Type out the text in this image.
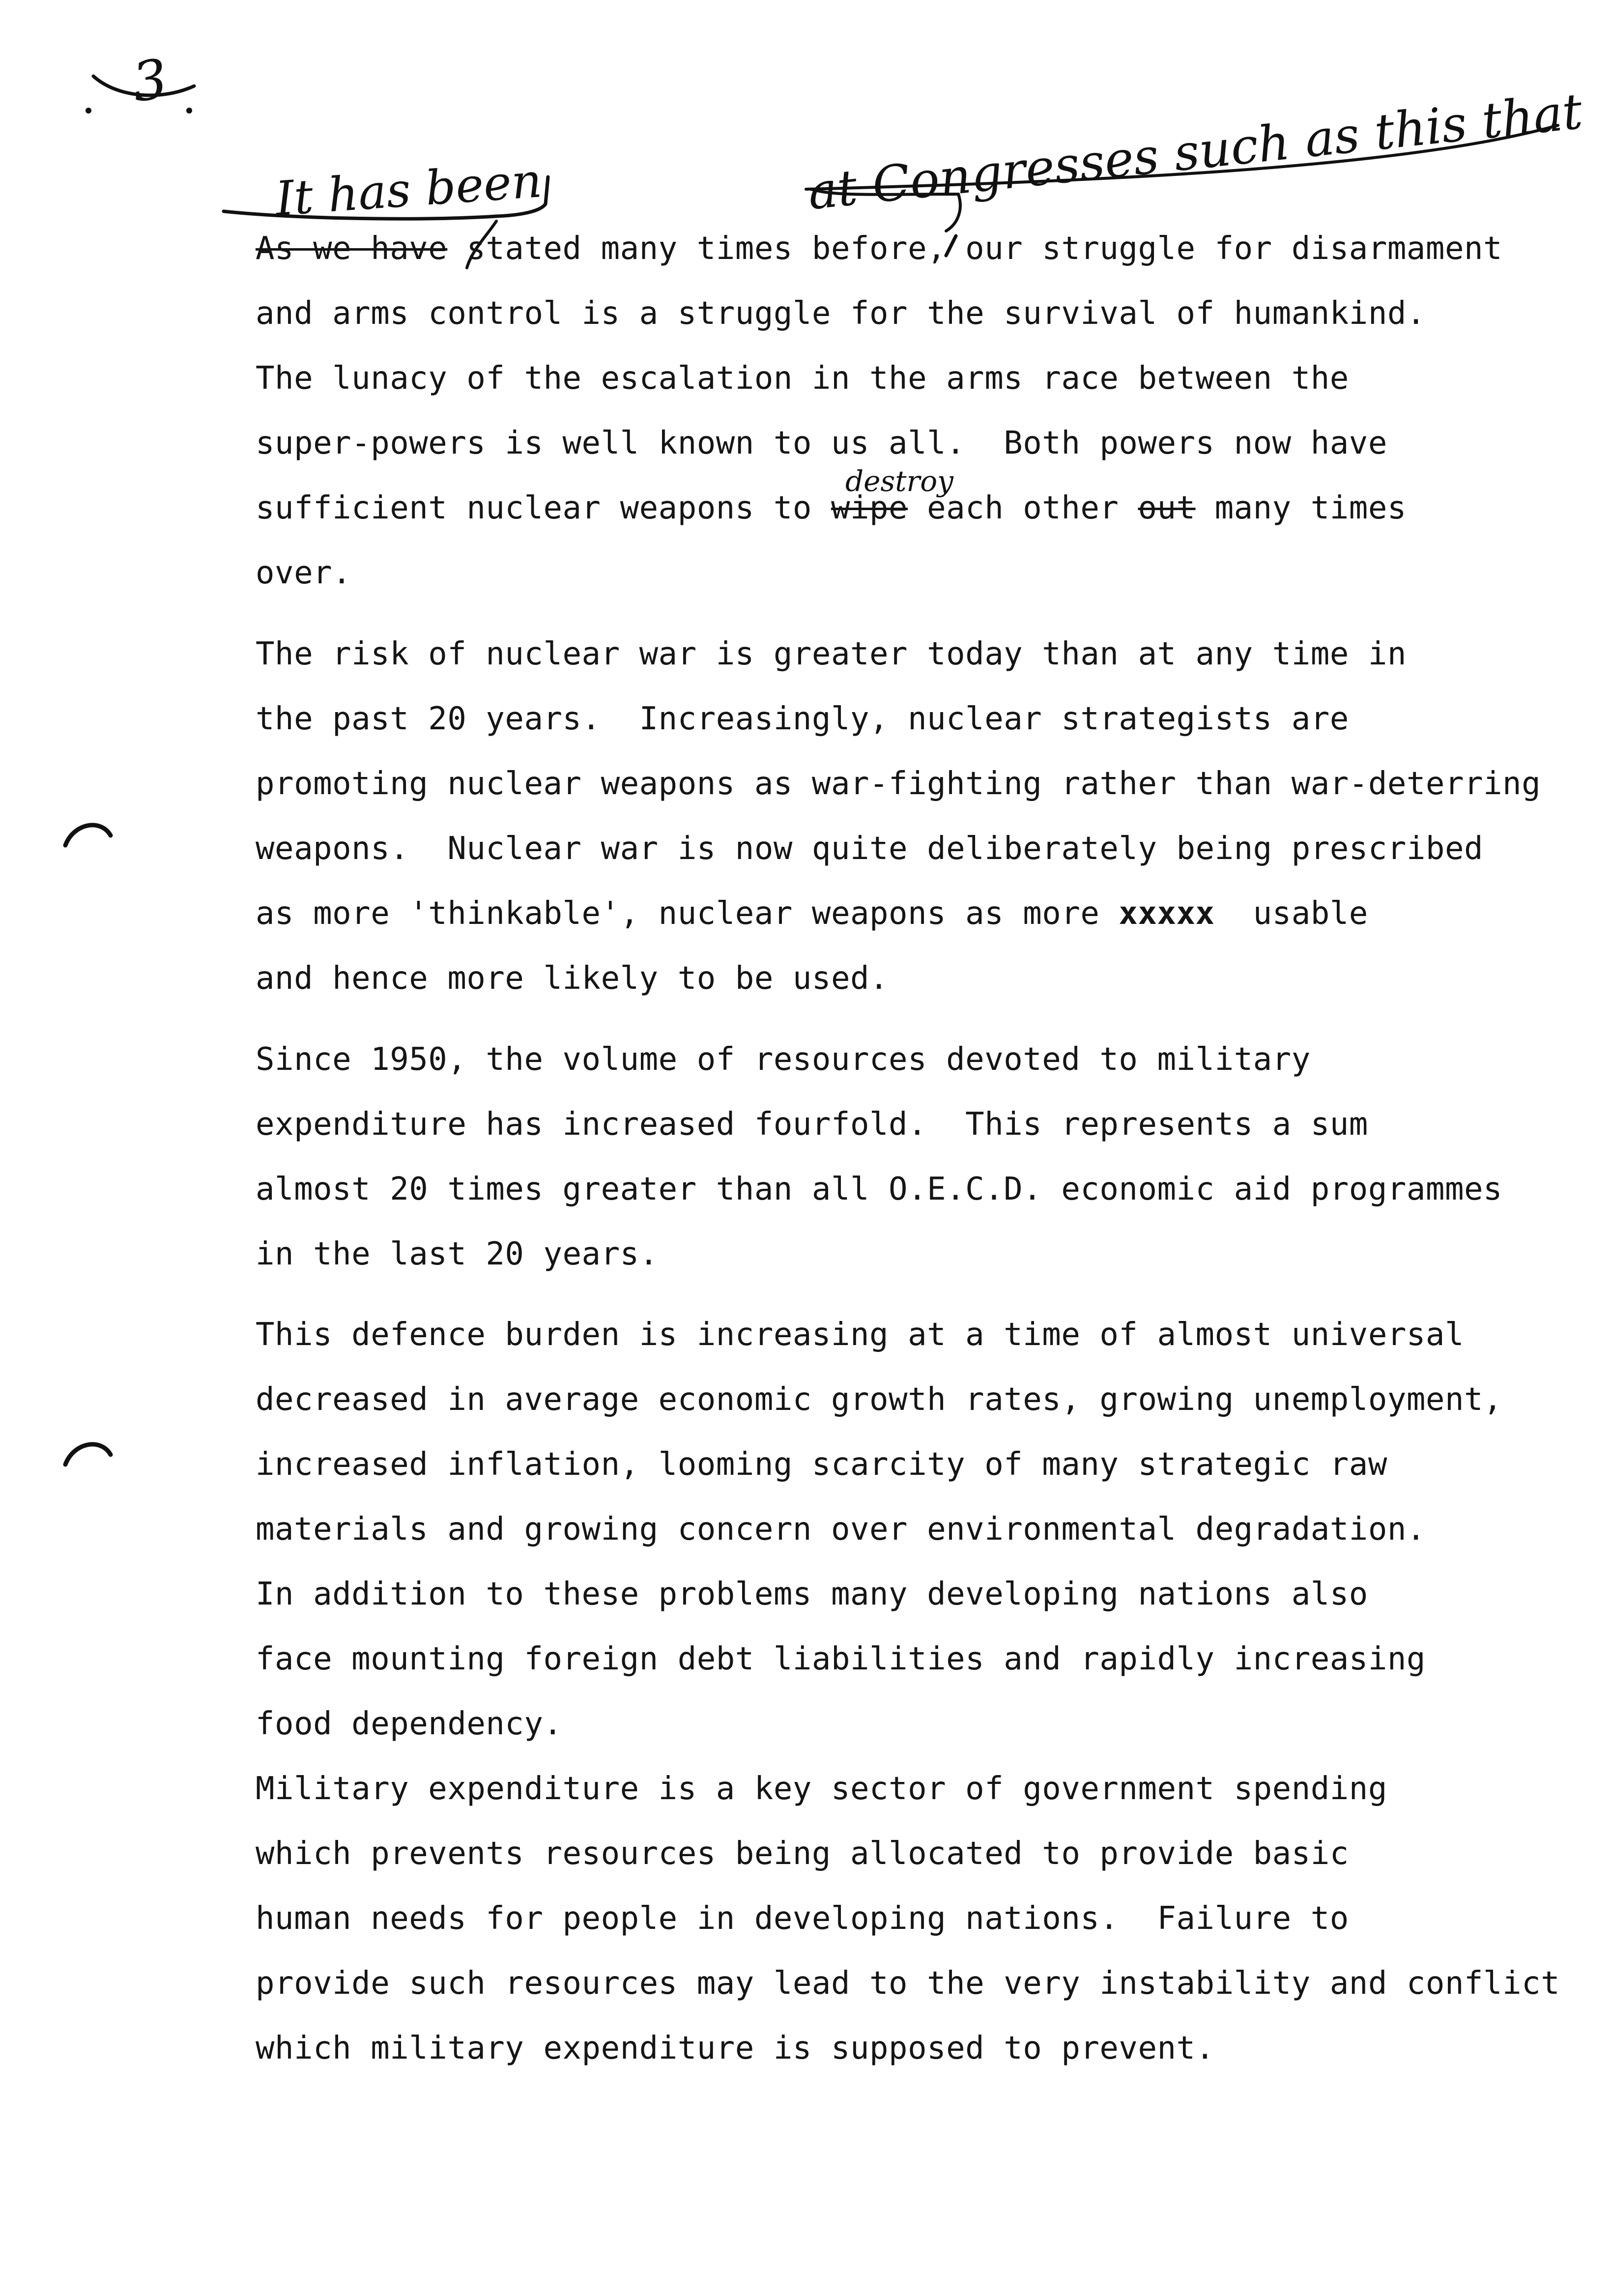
3
It has been	at Congresses such as this that
destroy
As we have stated many times before, our struggle for disarmament
and arms control is a struggle for the survival of humankind.
The lunacy of the escalation in the arms race between the
super-powers is well known to us all.  Both powers now have
sufficient nuclear weapons to wipe each other out many times
over.
The risk of nuclear war is greater today than at any time in
the past 20 years.  Increasingly, nuclear strategists are
promoting nuclear weapons as war-fighting rather than war-deterring
weapons.  Nuclear war is now quite deliberately being prescribed
as more 'thinkable', nuclear weapons as more xxxxx  usable
and hence more likely to be used.
Since 1950, the volume of resources devoted to military
expenditure has increased fourfold.  This represents a sum
almost 20 times greater than all O.E.C.D. economic aid programmes
in the last 20 years.
This defence burden is increasing at a time of almost universal
decreased in average economic growth rates, growing unemployment,
increased inflation, looming scarcity of many strategic raw
materials and growing concern over environmental degradation.
In addition to these problems many developing nations also
face mounting foreign debt liabilities and rapidly increasing
food dependency.
Military expenditure is a key sector of government spending
which prevents resources being allocated to provide basic
human needs for people in developing nations.  Failure to
provide such resources may lead to the very instability and conflict
which military expenditure is supposed to prevent.
